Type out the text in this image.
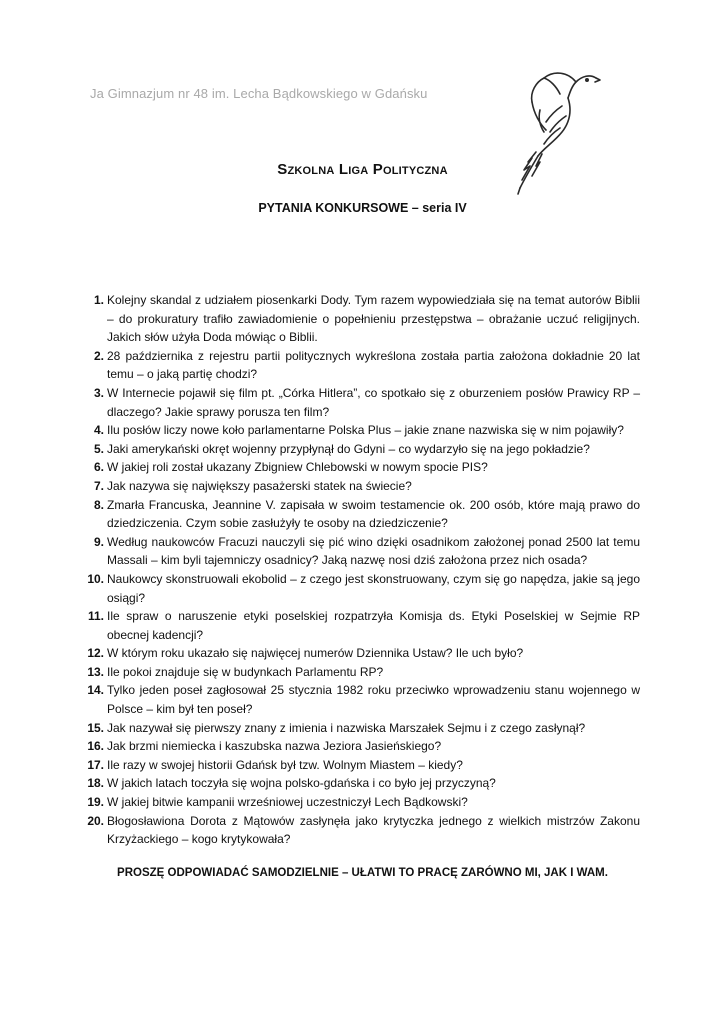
Ja Gimnazjum nr 48 im. Lecha Bądkowskiego w Gdańsku
Szkolna Liga Polityczna
PYTANIA KONKURSOWE – seria IV
1. Kolejny skandal z udziałem piosenkarki Dody. Tym razem wypowiedziała się na temat autorów Biblii – do prokuratury trafiło zawiadomienie o popełnieniu przestępstwa – obrażanie uczuć religijnych. Jakich słów użyła Doda mówiąc o Biblii.
2. 28 października z rejestru partii politycznych wykreślona została partia założona dokładnie 20 lat temu – o jaką partię chodzi?
3. W Internecie pojawił się film pt. „Córka Hitlera”, co spotkało się z oburzeniem posłów Prawicy RP – dlaczego? Jakie sprawy porusza ten film?
4. Ilu posłów liczy nowe koło parlamentarne Polska Plus – jakie znane nazwiska się w nim pojawiły?
5. Jaki amerykański okręt wojenny przypłynął do Gdyni – co wydarzyło się na jego pokładzie?
6. W jakiej roli został ukazany Zbigniew Chlebowski w nowym spocie PIS?
7. Jak nazywa się największy pasażerski statek na świecie?
8. Zmarła Francuska, Jeannine V. zapisała w swoim testamencie ok. 200 osób, które mają prawo do dziedziczenia. Czym sobie zasłużyły te osoby na dziedziczenie?
9. Według naukowców Fracuzi nauczyli się pić wino dzięki osadnikom założonej ponad 2500 lat temu Massali – kim byli tajemniczy osadnicy? Jaką nazwę nosi dziś założona przez nich osada?
10. Naukowcy skonstruowali ekobolid – z czego jest skonstruowany, czym się go napędza, jakie są jego osiągi?
11. Ile spraw o naruszenie etyki poselskiej rozpatrzyła Komisja ds. Etyki Poselskiej w Sejmie RP obecnej kadencji?
12. W którym roku ukazało się najwięcej numerów Dziennika Ustaw? Ile uch było?
13. Ile pokoi znajduje się w budynkach Parlamentu RP?
14. Tylko jeden poseł zagłosował 25 stycznia 1982 roku przeciwko wprowadzeniu stanu wojennego w Polsce – kim był ten poseł?
15. Jak nazywał się pierwszy znany z imienia i nazwiska Marszałek Sejmu i z czego zasłynął?
16. Jak brzmi niemiecka i kaszubska nazwa Jeziora Jasieńskiego?
17. Ile razy w swojej historii Gdańsk był tzw. Wolnym Miastem – kiedy?
18. W jakich latach toczyła się wojna polsko-gdańska i co było jej przyczyną?
19. W jakiej bitwie kampanii wrześniowej uczestniczył Lech Bądkowski?
20. Błogosławiona Dorota z Mątowów zasłynęła jako krytyczka jednego z wielkich mistrzów Zakonu Krzyżackiego – kogo krytykowała?
PROSZĘ ODPOWIADAĆ SAMODZIELNIE – UŁATWI TO PRACĘ ZARÓWNO MI, JAK I WAM.
